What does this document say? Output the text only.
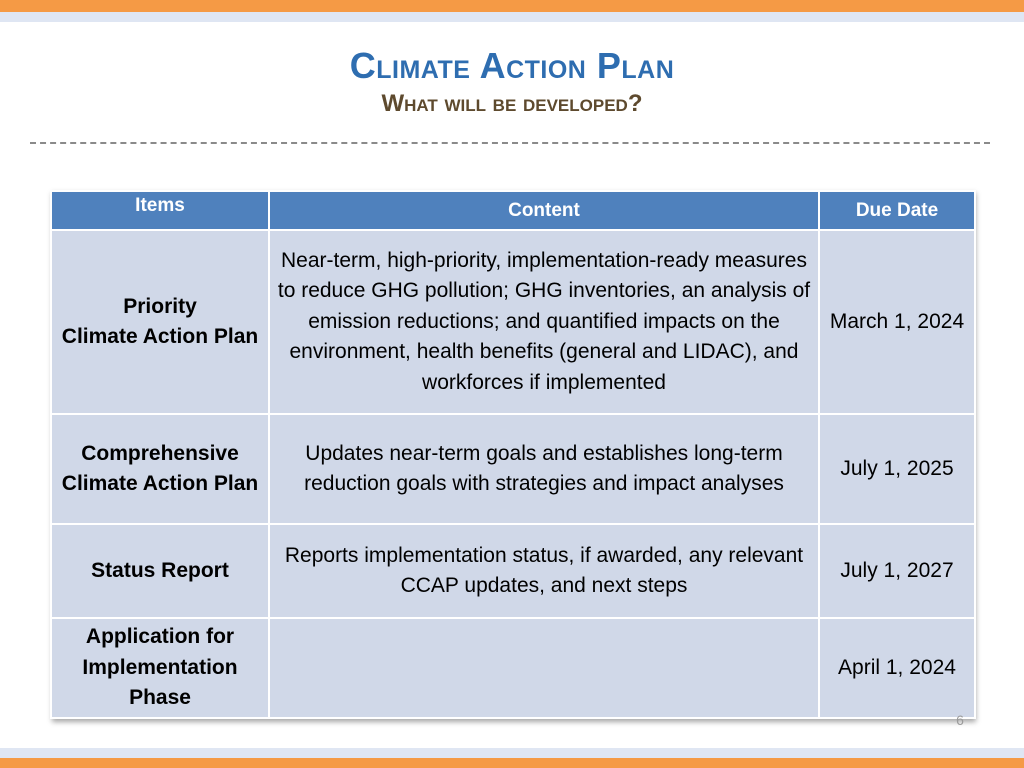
Climate Action Plan
What will be developed?
Items	Content	Due Date
Priority
Climate Action Plan	Near-term, high-priority, implementation-ready measures to reduce GHG pollution; GHG inventories, an analysis of emission reductions; and quantified impacts on the environment, health benefits (general and LIDAC), and workforces if implemented	March 1, 2024
Comprehensive
Climate Action Plan	Updates near-term goals and establishes long-term reduction goals with strategies and impact analyses	July 1, 2025
Status Report	Reports implementation status, if awarded, any relevant CCAP updates, and next steps	July 1, 2027
Application for Implementation Phase		April 1, 2024
6
